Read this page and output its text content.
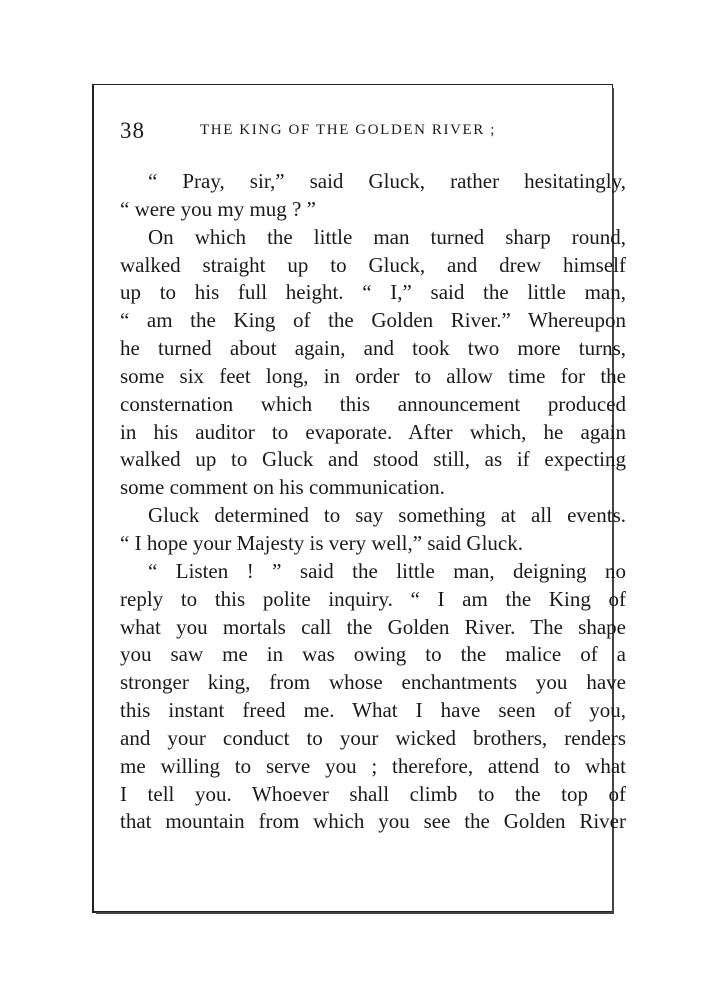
38	THE KING OF THE GOLDEN RIVER ;
“ Pray, sir,” said Gluck, rather hesitatingly,
“ were you my mug ? ”
On which the little man turned sharp round,
walked straight up to Gluck, and drew himself
up to his full height. “ I,” said the little man,
“ am the King of the Golden River.” Whereupon
he turned about again, and took two more turns,
some six feet long, in order to allow time for the
consternation which this announcement produced
in his auditor to evaporate. After which, he again
walked up to Gluck and stood still, as if expecting
some comment on his communication.
Gluck determined to say something at all events.
“ I hope your Majesty is very well,” said Gluck.
“ Listen ! ” said the little man, deigning no
reply to this polite inquiry. “ I am the King of
what you mortals call the Golden River. The shape
you saw me in was owing to the malice of a
stronger king, from whose enchantments you have
this instant freed me. What I have seen of you,
and your conduct to your wicked brothers, renders
me willing to serve you ; therefore, attend to what
I tell you. Whoever shall climb to the top of
that mountain from which you see the Golden River
